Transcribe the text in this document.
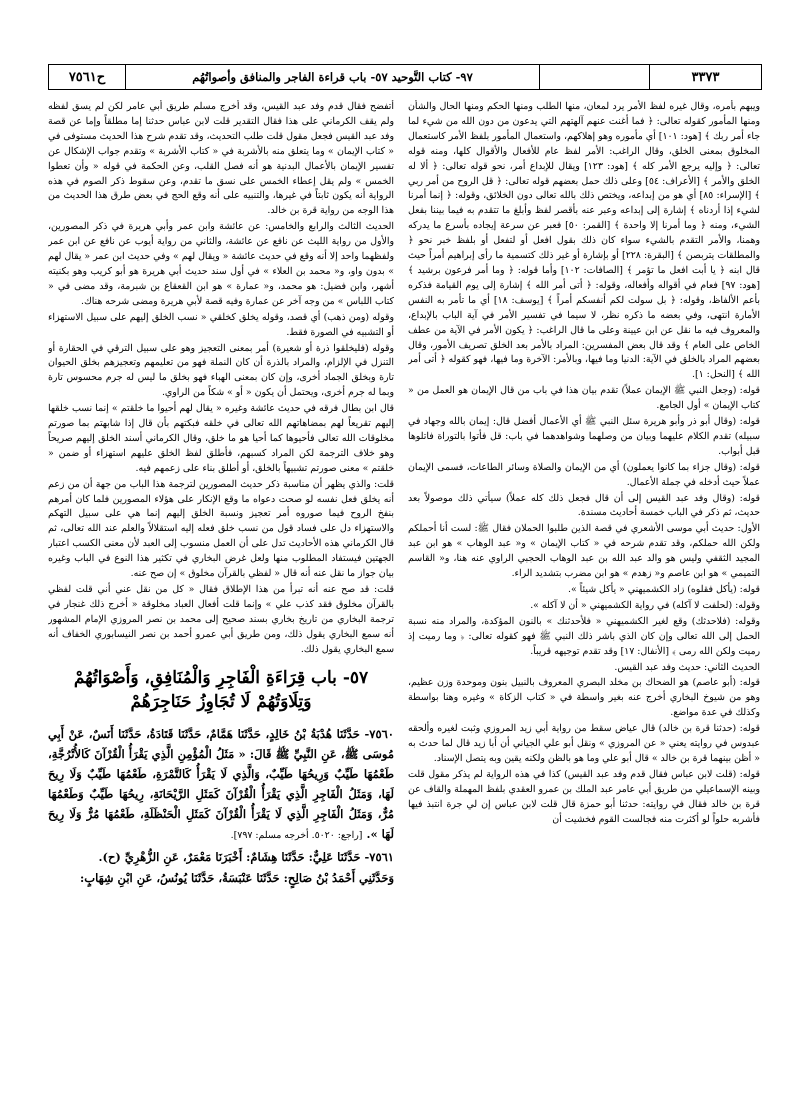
٣٣٧٣
٩٧- كتاب التَّوحيد ٥٧- باب قراءة الفاجر والمنافق وأصواتُهُم
ح٧٥٦١

ويبهم بأمره، وقال غيره لفظ الأمر يرد لمعان، منها الطلب ومنها الحكم ومنها الحال والشأن ومنها المأمور كقوله تعالى: ﴿ فما أغنت عنهم آلهتهم التي يدعون من دون الله من شيء لما جاء أمر ربك ﴾ [هود: ١٠١] أي مأموره وهو إهلاكهم، واستعمال المأمور بلفظ الأمر كاستعمال المخلوق بمعنى الخلق، وقال الراغب: الأمر لفظ عام للأفعال والأقوال كلها، ومنه قوله تعالى: ﴿ وإليه يرجع الأمر كله ﴾ [هود: ١٢٣] ويقال للإبداع أمر، نحو قوله تعالى: ﴿ ألا له الخلق والأمر ﴾ [الأعراف: ٥٤] وعلى ذلك حمل بعضهم قوله تعالى: ﴿ قل الروح من أمر ربي ﴾ [الإسراء: ٨٥] أي هو من إبداعه، ويختص ذلك بالله تعالى دون الخلائق، وقوله: ﴿ إنما أمرنا لشيء إذا أردناه ﴾ إشارة إلى إبداعه وعبر عنه بأقصر لفظ وأبلغ ما تتقدم به فيما بيننا بفعل الشيء، ومنه ﴿ وما أمرنا إلا واحدة ﴾ [القمر: ٥٠] فعبر عن سرعة إيجاده بأسرع ما يدركه وهمنا، والأمر التقدم بالشيء سواء كان ذلك بقول افعل أو لتفعل أو بلفظ خبر نحو ﴿ والمطلقات يتربصن ﴾ [البقرة: ٢٢٨] أو بإشارة أو غير ذلك كتسمية ما رأى إبراهيم أمراً حيث قال ابنه ﴿ يا أبت افعل ما تؤمر ﴾ [الصافات: ١٠٢] وأما قوله: ﴿ وما أمر فرعون برشيد ﴾ [هود: ٩٧] فعام في أقواله وأفعاله، وقوله: ﴿ أتى أمر الله ﴾ إشارة إلى يوم القيامة فذكره بأعم الألفاظ، وقوله: ﴿ بل سولت لكم أنفسكم أمراً ﴾ [يوسف: ١٨] أي ما تأمر به النفس الأمارة انتهى، وفي بعضه ما ذكره نظر، لا سيما في تفسير الأمر في آية الباب بالإبداع، والمعروف فيه ما نقل عن ابن عيينة وعلى ما قال الراغب: ﴿ يكون الأمر في الآية من عطف الخاص على العام ﴾ وقد قال بعض المفسرين: المراد بالأمر بعد الخلق تصريف الأمور، وقال بعضهم المراد بالخلق في الآية: الدنيا وما فيها، وبالأمر: الآخرة وما فيها، فهو كقوله ﴿ أتى أمر الله ﴾ [النحل: ١].

قوله: (وجعل النبي ﷺ الإيمان عملاً) تقدم بيان هذا في باب من قال الإيمان هو العمل من « كتاب الإيمان » أول الجامع.

قوله: (وقال أبو ذر وأبو هريرة سئل النبي ﷺ أي الأعمال أفضل قال: إيمان بالله وجهاد في سبيله) تقدم الكلام عليهما وبيان من وصلهما وشواهدهما في باب: قل فأتوا بالتوراة فاتلوها قبل أبواب.

قوله: (وقال جزاء بما كانوا يعملون) أي من الإيمان والصلاة وسائر الطاعات، فسمى الإيمان عملاً حيث أدخله في جملة الأعمال.

قوله: (وقال وفد عبد القيس إلى أن قال فجعل ذلك كله عملاً) سيأتي ذلك موصولاً بعد حديث، ثم ذكر في الباب خمسة أحاديث مسندة.

الأول: حديث أبي موسى الأشعري في قصة الذين طلبوا الحملان فقال ﷺ: لست أنا أحملكم ولكن الله حملكم، وقد تقدم شرحه في « كتاب الإيمان » و« عبد الوهاب » هو ابن عبد المجيد الثقفي وليس هو والد عبد الله بن عبد الوهاب الحجبي الراوي عنه هنا، و« القاسم التميمي » هو ابن عاصم و« زهدم » هو ابن مضرب بتشديد الراء.

قوله: (يأكل فقلوه) زاد الكشميهني « يأكل شيئاً ».

وقوله: (لحلفت لا آكله) في رواية الكشميهني « أن لا آكله ».

وقوله: (فلاحدثك) وقع لغير الكشميهني « فلأحدثنك » بالنون المؤكدة، والمراد منه نسبة الحمل إلى الله تعالى وإن كان الذي باشر ذلك النبي ﷺ فهو كقوله تعالى: ﴿ وما رميت إذ رميت ولكن الله رمى ﴾ [الأنفال: ١٧] وقد تقدم توجيهه قريباً.

الحديث الثاني: حديث وفد عبد القيس.

قوله: (أبو عاصم) هو الضحاك بن مخلد البصري المعروف بالنبيل بنون وموحدة وزن عظيم، وهو من شيوخ البخاري أخرج عنه بغير واسطة في « كتاب الزكاة » وغيره وهنا بواسطة وكذلك في عدة مواضع.

قوله: (حدثنا قرة بن خالد) قال عياض سقط من رواية أبي زيد المروزي وثبت لغيره وألحقه عبدوس في روايته يعني « عن المروزي » ونقل أبو علي الجياني أن أبا زيد قال لما حدث به « أظن بينهما قرة بن خالد » قال أبو علي وما هو بالظن ولكنه يقين وبه يتصل الإسناد.

قوله: (قلت لابن عباس فقال قدم وفد عبد القيس) كذا في هذه الرواية لم يذكر مقول قلت وبينه الإسماعيلي من طريق أبي عامر عبد الملك بن عمرو العقدي بلفظ المهملة والقاف عن قرة بن خالد فقال في روايته: حدثنا أبو حمزة قال قلت لابن عباس إن لي جرة انتبذ فيها فأشربه حلواً لو أكثرت منه فجالست القوم فخشيت أن

أتفضح فقال قدم وفد عبد القيس، وقد أخرج مسلم طريق أبي عامر لكن لم يسق لفظه ولم يقف الكرماني على هذا فقال التقدير قلت لابن عباس حدثنا إما مطلقاً وإما عن قصة وفد عبد القيس فجعل مقول قلت طلب التحديث، وقد تقدم شرح هذا الحديث مستوفى في « كتاب الإيمان » وما يتعلق منه بالأشربة في « كتاب الأشربة » وتقدم جواب الإشكال عن تفسير الإيمان بالأعمال البدنية هو أنه فصل القلب، وعن الحكمة في قوله « وأن تعطوا الخمس » ولم يقل إعطاء الخمس على نسق ما تقدم، وعن سقوط ذكر الصوم في هذه الرواية أنه يكون ثابتاً في غيرها، والتنبيه على أنه وقع الحج في بعض طرق هذا الحديث من هذا الوجه من رواية قرة بن خالد.

الحديث الثالث والرابع والخامس: عن عائشة وابن عمر وأبي هريرة في ذكر المصورين، والأول من رواية الليث عن نافع عن عائشة، والثاني من رواية أيوب عن نافع عن ابن عمر ولفظهما واحد إلا أنه وقع في حديث عائشة « ويقال لهم » وفي حديث ابن عمر « يقال لهم » بدون واو، و« محمد بن العلاء » في أول سند حديث أبي هريرة هو أبو كريب وهو بكنيته أشهر، وابن فضيل: هو محمد، و« عمارة » هو ابن القعقاع بن شبرمة، وقد مضى في « كتاب اللباس » من وجه آخر عن عمارة وفيه قصة لأبي هريرة ومضى شرحه هناك.

وقوله (ومن ذهب) أي قصد، وقوله يخلق كخلقي « نسب الخلق إليهم على سبيل الاستهزاء أو التشبيه في الصورة فقط.

وقوله (فليخلقوا ذرة أو شعيرة) أمر بمعنى التعجيز وهو على سبيل الترقي في الحقارة أو التنزل في الإلزام، والمراد بالذرة أن كان النملة فهو من تعليمهم وتعجيزهم بخلق الحيوان تارة وبخلق الجماد أخرى، وإن كان بمعنى الهباء فهو بخلق ما ليس له جرم محسوس تارة وبما له جرم أخرى، ويحتمل أن يكون « أو » شكاً من الراوي.

قال ابن بطال فرقه في حديث عائشة وغيره « يقال لهم أحيوا ما خلقتم » إنما نسب خلقها إليهم تقريعاً لهم بمضاهاتهم الله تعالى في خلقه فبكتهم بأن قال إذا شابهتم بما صورتم مخلوقات الله تعالى فأحيوها كما أحيا هو ما خلق، وقال الكرماني أسند الخلق إليهم صريحاً وهو خلاف الترجمة لكن المراد كسبهم، فأطلق لفظ الخلق عليهم استهزاء أو ضمن « خلقتم » معنى صورتم تشبيهاً بالخلق، أو أطلق بناء على زعمهم فيه.

قلت: والذي يظهر أن مناسبة ذكر حديث المصورين لترجمة هذا الباب من جهة أن من زعم أنه يخلق فعل نفسه لو صحت دعواه ما وقع الإنكار على هؤلاء المصورين فلما كان أمرهم بنفخ الروح فيما صوروه أمر تعجيز ونسبة الخلق إليهم إنما هي على سبيل التهكم والاستهزاء دل على فساد قول من نسب خلق فعله إليه استقلالاً والعلم عند الله تعالى، ثم قال الكرماني هذه الأحاديث تدل على أن العمل منسوب إلى العبد لأن معنى الكسب اعتبار الجهتين فيستفاد المطلوب منها ولعل غرض البخاري في تكثير هذا النوع في الباب وغيره بيان جواز ما نقل عنه أنه قال « لفظي بالقرآن مخلوق » إن صح عنه.

قلت: قد صح عنه أنه تبرأ من هذا الإطلاق فقال « كل من نقل عني أني قلت لفظي بالقرآن مخلوق فقد كذب علي » وإنما قلت أفعال العباد مخلوقة « أخرج ذلك غنجار في ترجمة البخاري من تاريخ بخاري بسند صحيح إلى محمد بن نصر المروزي الإمام المشهور أنه سمع البخاري يقول ذلك، ومن طريق أبي عمرو أحمد بن نصر النيسابوري الخفاف أنه سمع البخاري يقول ذلك.

٥٧- باب قِرَاءَةِ الْفَاجِرِ وَالْمُنَافِقِ، وَأَصْوَاتُهُمْ وَتِلَاوَتُهُمْ لَا تُجَاوِزُ حَنَاجِرَهُمْ

٧٥٦٠- حَدَّثَنَا هُدْبَةُ بْنُ خَالِدٍ، حَدَّثَنَا هَمَّامٌ، حَدَّثَنَا قَتَادَةُ، حَدَّثَنَا أَنَسٌ، عَنْ أَبِي مُوسَى ﷺ، عَنِ النَّبِيِّ ﷺ قَالَ: « مَثَلُ الْمُؤْمِنِ الَّذِي يَقْرَأُ الْقُرْآنَ كَالأُتْرُجَّةِ، طَعْمُهَا طَيِّبٌ وَرِيحُهَا طَيِّبٌ، وَالَّذِي لَا يَقْرَأُ كَالتَّمْرَةِ، طَعْمُهَا طَيِّبٌ وَلَا رِيحَ لَهَا، وَمَثَلُ الْفَاجِرِ الَّذِي يَقْرَأُ الْقُرْآنَ كَمَثَلِ الرَّيْحَانَةِ، رِيحُهَا طَيِّبٌ وَطَعْمُهَا مُرٌّ، وَمَثَلُ الْفَاجِرِ الَّذِي لَا يَقْرَأُ الْقُرْآنَ كَمَثَلِ الْحَنْظَلَةِ، طَعْمُهَا مُرٌّ وَلَا رِيحَ لَهَا ». [راجع: ٥٠٢٠. أخرجه مسلم: ٧٩٧].

٧٥٦١- حَدَّثَنَا عَلِيٌّ: حَدَّثَنَا هِشَامٌ: أَخْبَرَنَا مَعْمَرٌ، عَنِ الزُّهْرِيِّ (ح).

وَحَدَّثَنِي أَحْمَدُ بْنُ صَالِحٍ: حَدَّثَنَا عَنْبَسَةُ، حَدَّثَنَا يُونُسُ، عَنِ ابْنِ شِهَابٍ:
